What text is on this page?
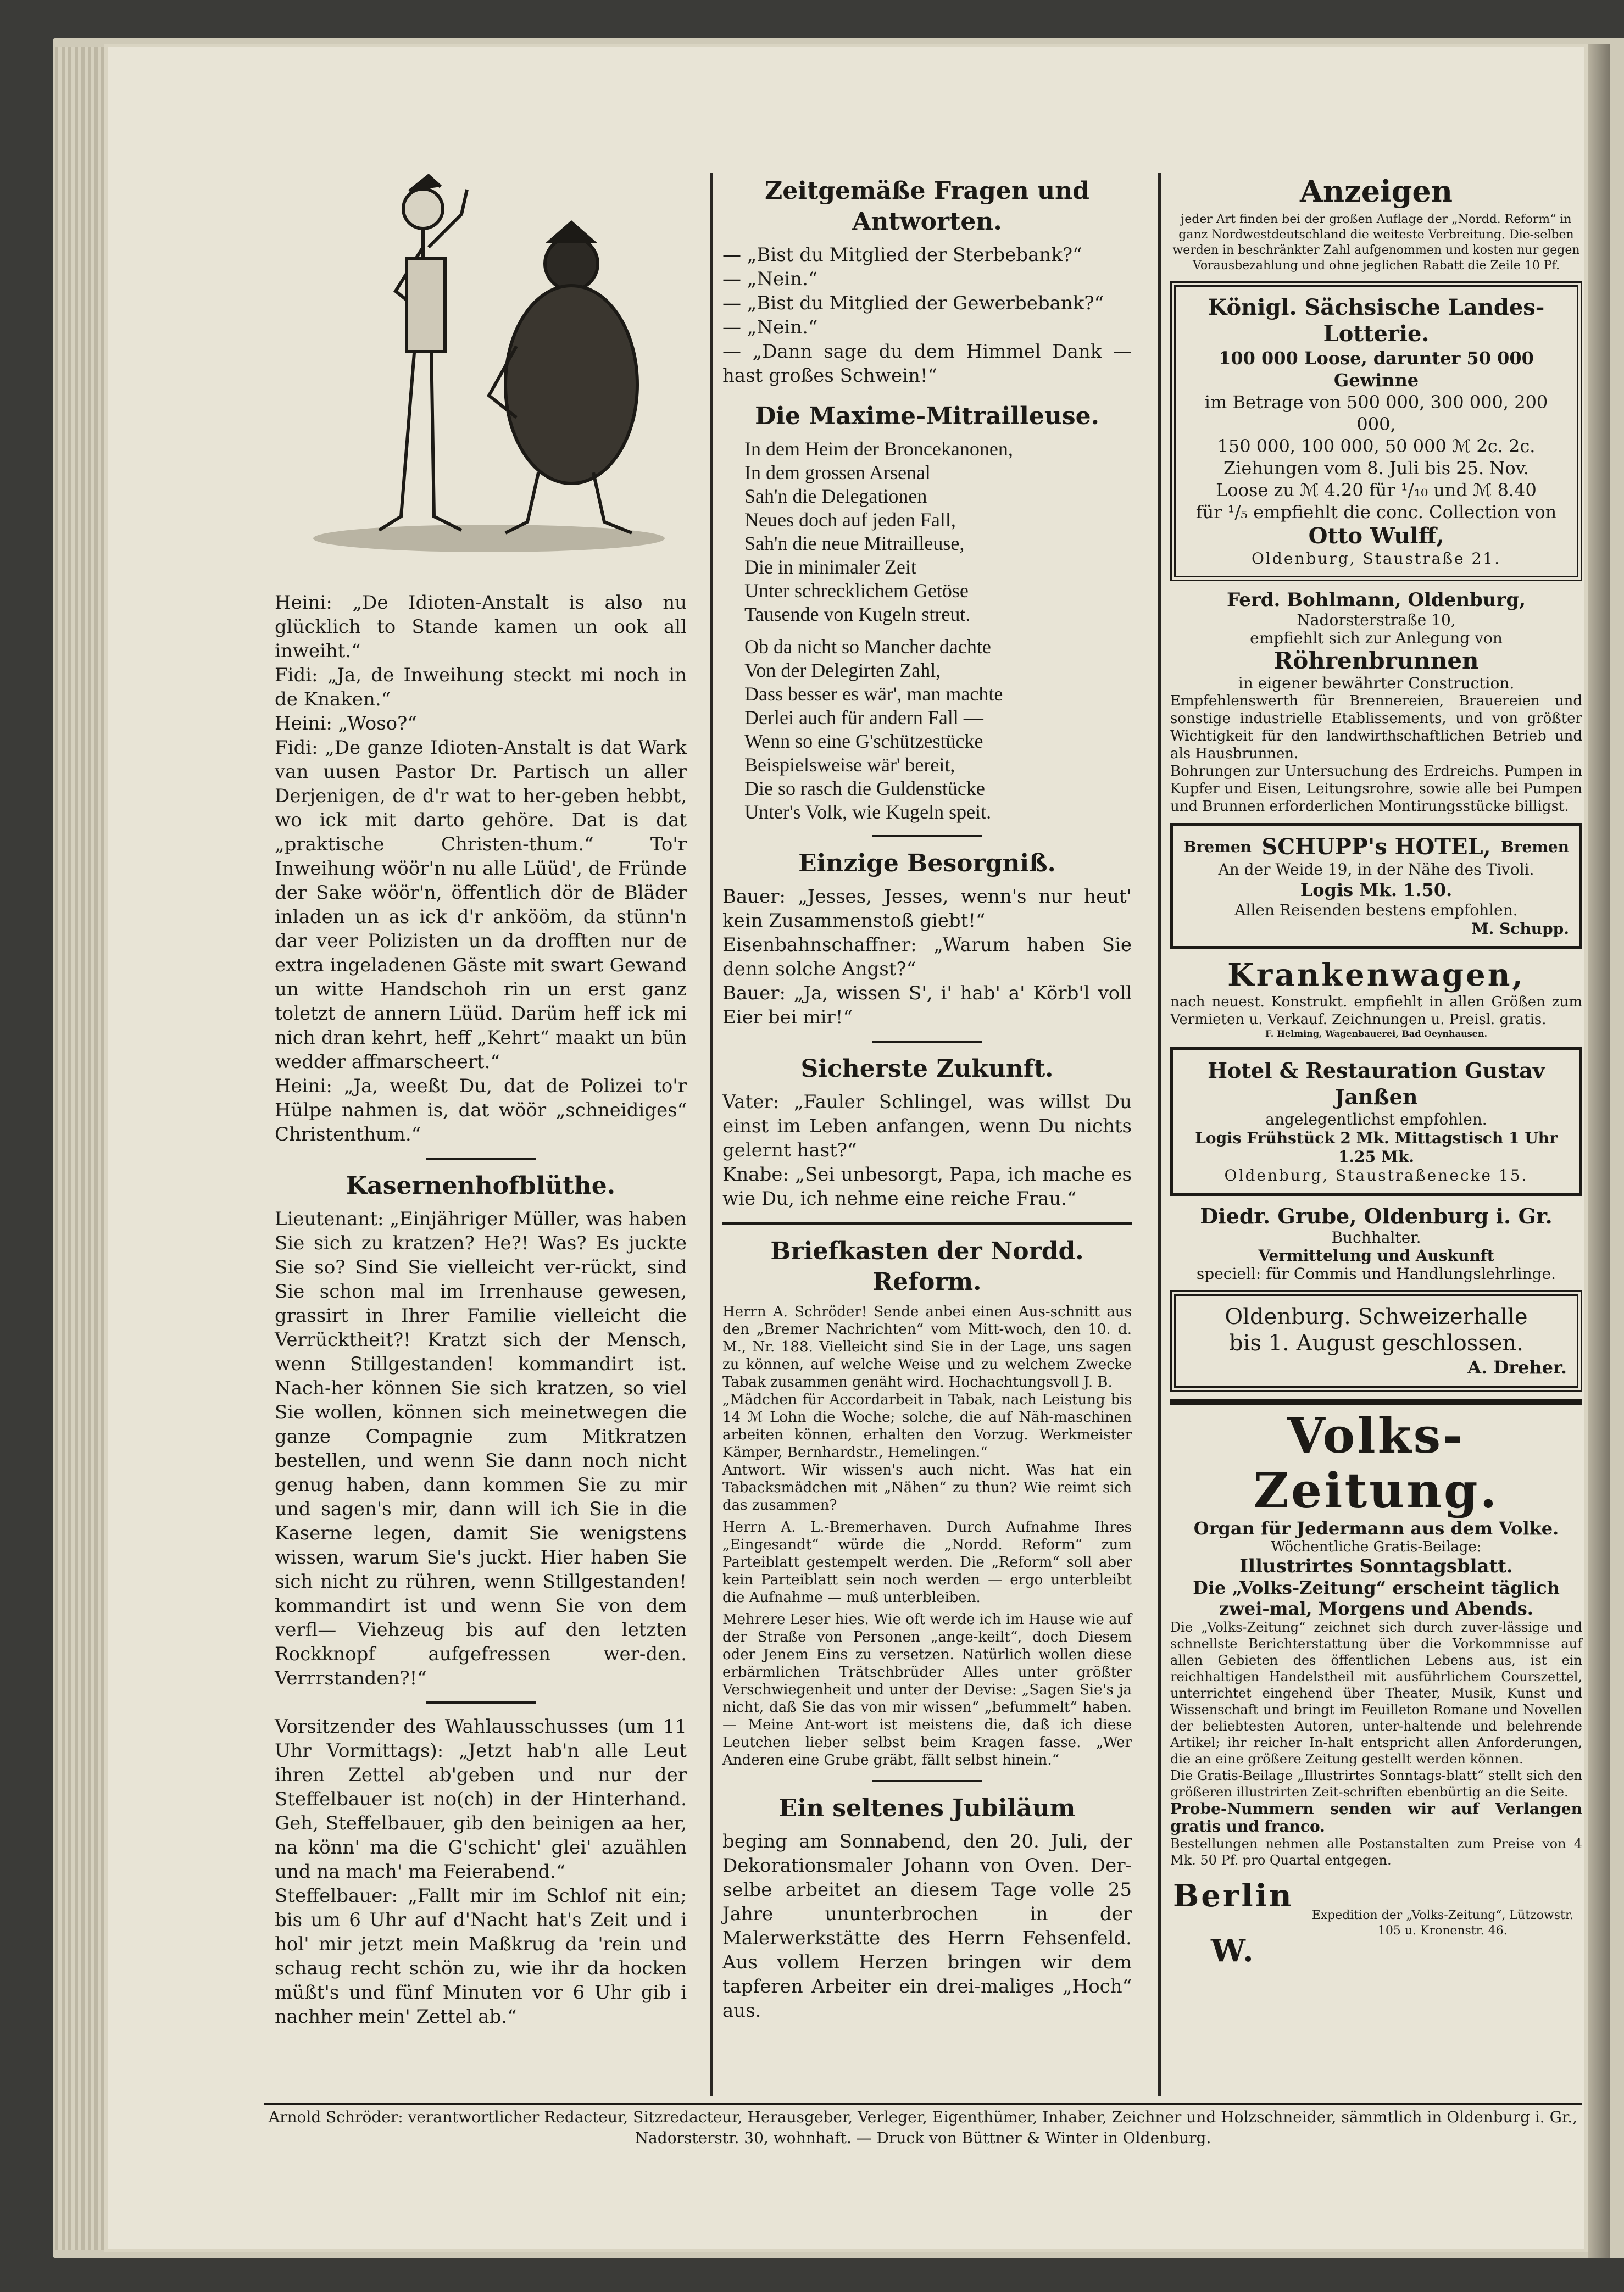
Heini: „De Idioten-Anstalt is also nu glücklich to Stande kamen un ook all inweiht.“

Fidi: „Ja, de Inweihung steckt mi noch in de Knaken.“

Heini: „Woso?“

Fidi: „De ganze Idioten-Anstalt is dat Wark van uusen Pastor Dr. Partisch un aller Derjenigen, de d'r wat to her-geben hebbt, wo ick mit darto gehöre. Dat is dat „praktische Christen-thum.“ To'r Inweihung wöör'n nu alle Lüüd', de Fründe der Sake wöör'n, öffentlich dör de Bläder inladen un as ick d'r ankööm, da stünn'n dar veer Polizisten un da drofften nur de extra ingeladenen Gäste mit swart Gewand un witte Handschoh rin un erst ganz toletzt de annern Lüüd. Darüm heff ick mi nich dran kehrt, heff „Kehrt“ maakt un bün wedder affmarscheert.“

Heini: „Ja, weeßt Du, dat de Polizei to'r Hülpe nahmen is, dat wöör „schneidiges“ Christenthum.“

Kasernenhofblüthe.

Lieutenant: „Einjähriger Müller, was haben Sie sich zu kratzen? He?! Was? Es juckte Sie so? Sind Sie vielleicht ver-rückt, sind Sie schon mal im Irrenhause gewesen, grassirt in Ihrer Familie vielleicht die Verrücktheit?! Kratzt sich der Mensch, wenn Stillgestanden! kommandirt ist. Nach-her können Sie sich kratzen, so viel Sie wollen, können sich meinetwegen die ganze Compagnie zum Mitkratzen bestellen, und wenn Sie dann noch nicht genug haben, dann kommen Sie zu mir und sagen's mir, dann will ich Sie in die Kaserne legen, damit Sie wenigstens wissen, warum Sie's juckt. Hier haben Sie sich nicht zu rühren, wenn Stillgestanden! kommandirt ist und wenn Sie von dem verfl— Viehzeug bis auf den letzten Rockknopf aufgefressen wer-den. Verrrstanden?!“

Vorsitzender des Wahlausschusses (um 11 Uhr Vormittags): „Jetzt hab'n alle Leut ihren Zettel ab'geben und nur der Steffelbauer ist no(ch) in der Hinterhand. Geh, Steffelbauer, gib den beinigen aa her, na könn' ma die G'schicht' glei' azuählen und na mach' ma Feierabend.“

Steffelbauer: „Fallt mir im Schlof nit ein; bis um 6 Uhr auf d'Nacht hat's Zeit und i hol' mir jetzt mein Maßkrug da 'rein und schaug recht schön zu, wie ihr da hocken müßt's und fünf Minuten vor 6 Uhr gib i nachher mein' Zettel ab.“

Zeitgemäße Fragen und Antworten.

— „Bist du Mitglied der Sterbebank?“

— „Nein.“

— „Bist du Mitglied der Gewerbebank?“

— „Nein.“

— „Dann sage du dem Himmel Dank — hast großes Schwein!“

Die Maxime-Mitrailleuse.

In dem Heim der Broncekanonen,

In dem grossen Arsenal

Sah'n die Delegationen

Neues doch auf jeden Fall,

Sah'n die neue Mitrailleuse,

Die in minimaler Zeit

Unter schrecklichem Getöse

Tausende von Kugeln streut.

Ob da nicht so Mancher dachte

Von der Delegirten Zahl,

Dass besser es wär', man machte

Derlei auch für andern Fall —

Wenn so eine G'schützestücke

Beispielsweise wär' bereit,

Die so rasch die Guldenstücke

Unter's Volk, wie Kugeln speit.

Einzige Besorgniß.

Bauer: „Jesses, Jesses, wenn's nur heut' kein Zusammenstoß giebt!“

Eisenbahnschaffner: „Warum haben Sie denn solche Angst?“

Bauer: „Ja, wissen S', i' hab' a' Körb'l voll Eier bei mir!“

Sicherste Zukunft.

Vater: „Fauler Schlingel, was willst Du einst im Leben anfangen, wenn Du nichts gelernt hast?“

Knabe: „Sei unbesorgt, Papa, ich mache es wie Du, ich nehme eine reiche Frau.“

Briefkasten der Nordd. Reform.

Herrn A. Schröder! Sende anbei einen Aus-schnitt aus den „Bremer Nachrichten“ vom Mitt-woch, den 10. d. M., Nr. 188. Vielleicht sind Sie in der Lage, uns sagen zu können, auf welche Weise und zu welchem Zwecke Tabak zusammen genäht wird. Hochachtungsvoll J. B.

„Mädchen für Accordarbeit in Tabak, nach Leistung bis 14 ℳ Lohn die Woche; solche, die auf Näh-maschinen arbeiten können, erhalten den Vorzug. Werkmeister Kämper, Bernhardstr., Hemelingen.“

Antwort. Wir wissen's auch nicht. Was hat ein Tabacksmädchen mit „Nähen“ zu thun? Wie reimt sich das zusammen?

Herrn A. L.-Bremerhaven. Durch Aufnahme Ihres „Eingesandt“ würde die „Nordd. Reform“ zum Parteiblatt gestempelt werden. Die „Reform“ soll aber kein Parteiblatt sein noch werden — ergo unterbleibt die Aufnahme — muß unterbleiben.

Mehrere Leser hies. Wie oft werde ich im Hause wie auf der Straße von Personen „ange-keilt“, doch Diesem oder Jenem Eins zu versetzen. Natürlich wollen diese erbärmlichen Trätschbrüder Alles unter größter Verschwiegenheit und unter der Devise: „Sagen Sie's ja nicht, daß Sie das von mir wissen“ „befummelt“ haben. — Meine Ant-wort ist meistens die, daß ich diese Leutchen lieber selbst beim Kragen fasse. „Wer Anderen eine Grube gräbt, fällt selbst hinein.“

Ein seltenes Jubiläum

beging am Sonnabend, den 20. Juli, der Dekorationsmaler Johann von Oven. Der-selbe arbeitet an diesem Tage volle 25 Jahre ununterbrochen in der Malerwerkstätte des Herrn Fehsenfeld. Aus vollem Herzen bringen wir dem tapferen Arbeiter ein drei-maliges „Hoch“ aus.

Anzeigen

jeder Art finden bei der großen Auflage der „Nordd. Reform“ in ganz Nordwestdeutschland die weiteste Verbreitung. Die-selben werden in beschränkter Zahl aufgenommen und kosten nur gegen Vorausbezahlung und ohne jeglichen Rabatt die Zeile 10 Pf.

Königl. Sächsische Landes-Lotterie.
100 000 Loose, darunter 50 000 Gewinne
im Betrage von 500 000, 300 000, 200 000,
150 000, 100 000, 50 000 ℳ 2c. 2c.
Ziehungen vom 8. Juli bis 25. Nov.
Loose zu ℳ 4.20 für ¹/₁₀ und ℳ 8.40
für ¹/₅ empfiehlt die conc. Collection von
Otto Wulff,
Oldenburg, Staustraße 21.
Ferd. Bohlmann, Oldenburg,
Nadorsterstraße 10,
empfiehlt sich zur Anlegung von
Röhrenbrunnen
in eigener bewährter Construction.

Empfehlenswerth für Brennereien, Brauereien und sonstige industrielle Etablissements, und von größter Wichtigkeit für den landwirthschaftlichen Betrieb und als Hausbrunnen.

Bohrungen zur Untersuchung des Erdreichs. Pumpen in Kupfer und Eisen, Leitungsrohre, sowie alle bei Pumpen und Brunnen erforderlichen Montirungsstücke billigst.

Bremen SCHUPP's HOTEL, Bremen
An der Weide 19, in der Nähe des Tivoli.
Logis Mk. 1.50.
Allen Reisenden bestens empfohlen.
M. Schupp.
Krankenwagen,

nach neuest. Konstrukt. empfiehlt in allen Größen zum Vermieten u. Verkauf. Zeichnungen u. Preisl. gratis.

F. Helming, Wagenbauerei, Bad Oeynhausen.
Hotel & Restauration Gustav Janßen
angelegentlichst empfohlen.
Logis Frühstück 2 Mk. Mittagstisch 1 Uhr
1.25 Mk.
Oldenburg, Staustraßenecke 15.
Diedr. Grube, Oldenburg i. Gr.
Buchhalter.
Vermittelung und Auskunft
speciell: für Commis und Handlungslehrlinge.
Oldenburg. Schweizerhalle
bis 1. August geschlossen.
A. Dreher.
Volks-Zeitung.
Organ für Jedermann aus dem Volke.
Wöchentliche Gratis-Beilage:
Illustrirtes Sonntagsblatt.
Die „Volks-Zeitung“ erscheint täglich zwei-mal, Morgens und Abends.

Die „Volks-Zeitung“ zeichnet sich durch zuver-lässige und schnellste Berichterstattung über die Vorkommnisse auf allen Gebieten des öffentlichen Lebens aus, ist ein reichhaltigen Handelstheil mit ausführlichem Courszettel, unterrichtet eingehend über Theater, Musik, Kunst und Wissenschaft und bringt im Feuilleton Romane und Novellen der beliebtesten Autoren, unter-haltende und belehrende Artikel; ihr reicher In-halt entspricht allen Anforderungen, die an eine größere Zeitung gestellt werden können.

Die Gratis-Beilage „Illustrirtes Sonntags-blatt“ stellt sich den größeren illustrirten Zeit-schriften ebenbürtig an die Seite.

Probe-Nummern senden wir auf Verlangen gratis und franco.

Bestellungen nehmen alle Postanstalten zum Preise von 4 Mk. 50 Pf. pro Quartal entgegen.

Berlin W.
Expedition der „Volks-Zeitung“, Lützowstr. 105 u. Kronenstr. 46.

Arnold Schröder: verantwortlicher Redacteur, Sitzredacteur, Herausgeber, Verleger, Eigenthümer, Inhaber, Zeichner und Holzschneider, sämmtlich in Oldenburg i. Gr., Nadorsterstr. 30, wohnhaft. — Druck von Büttner & Winter in Oldenburg.
